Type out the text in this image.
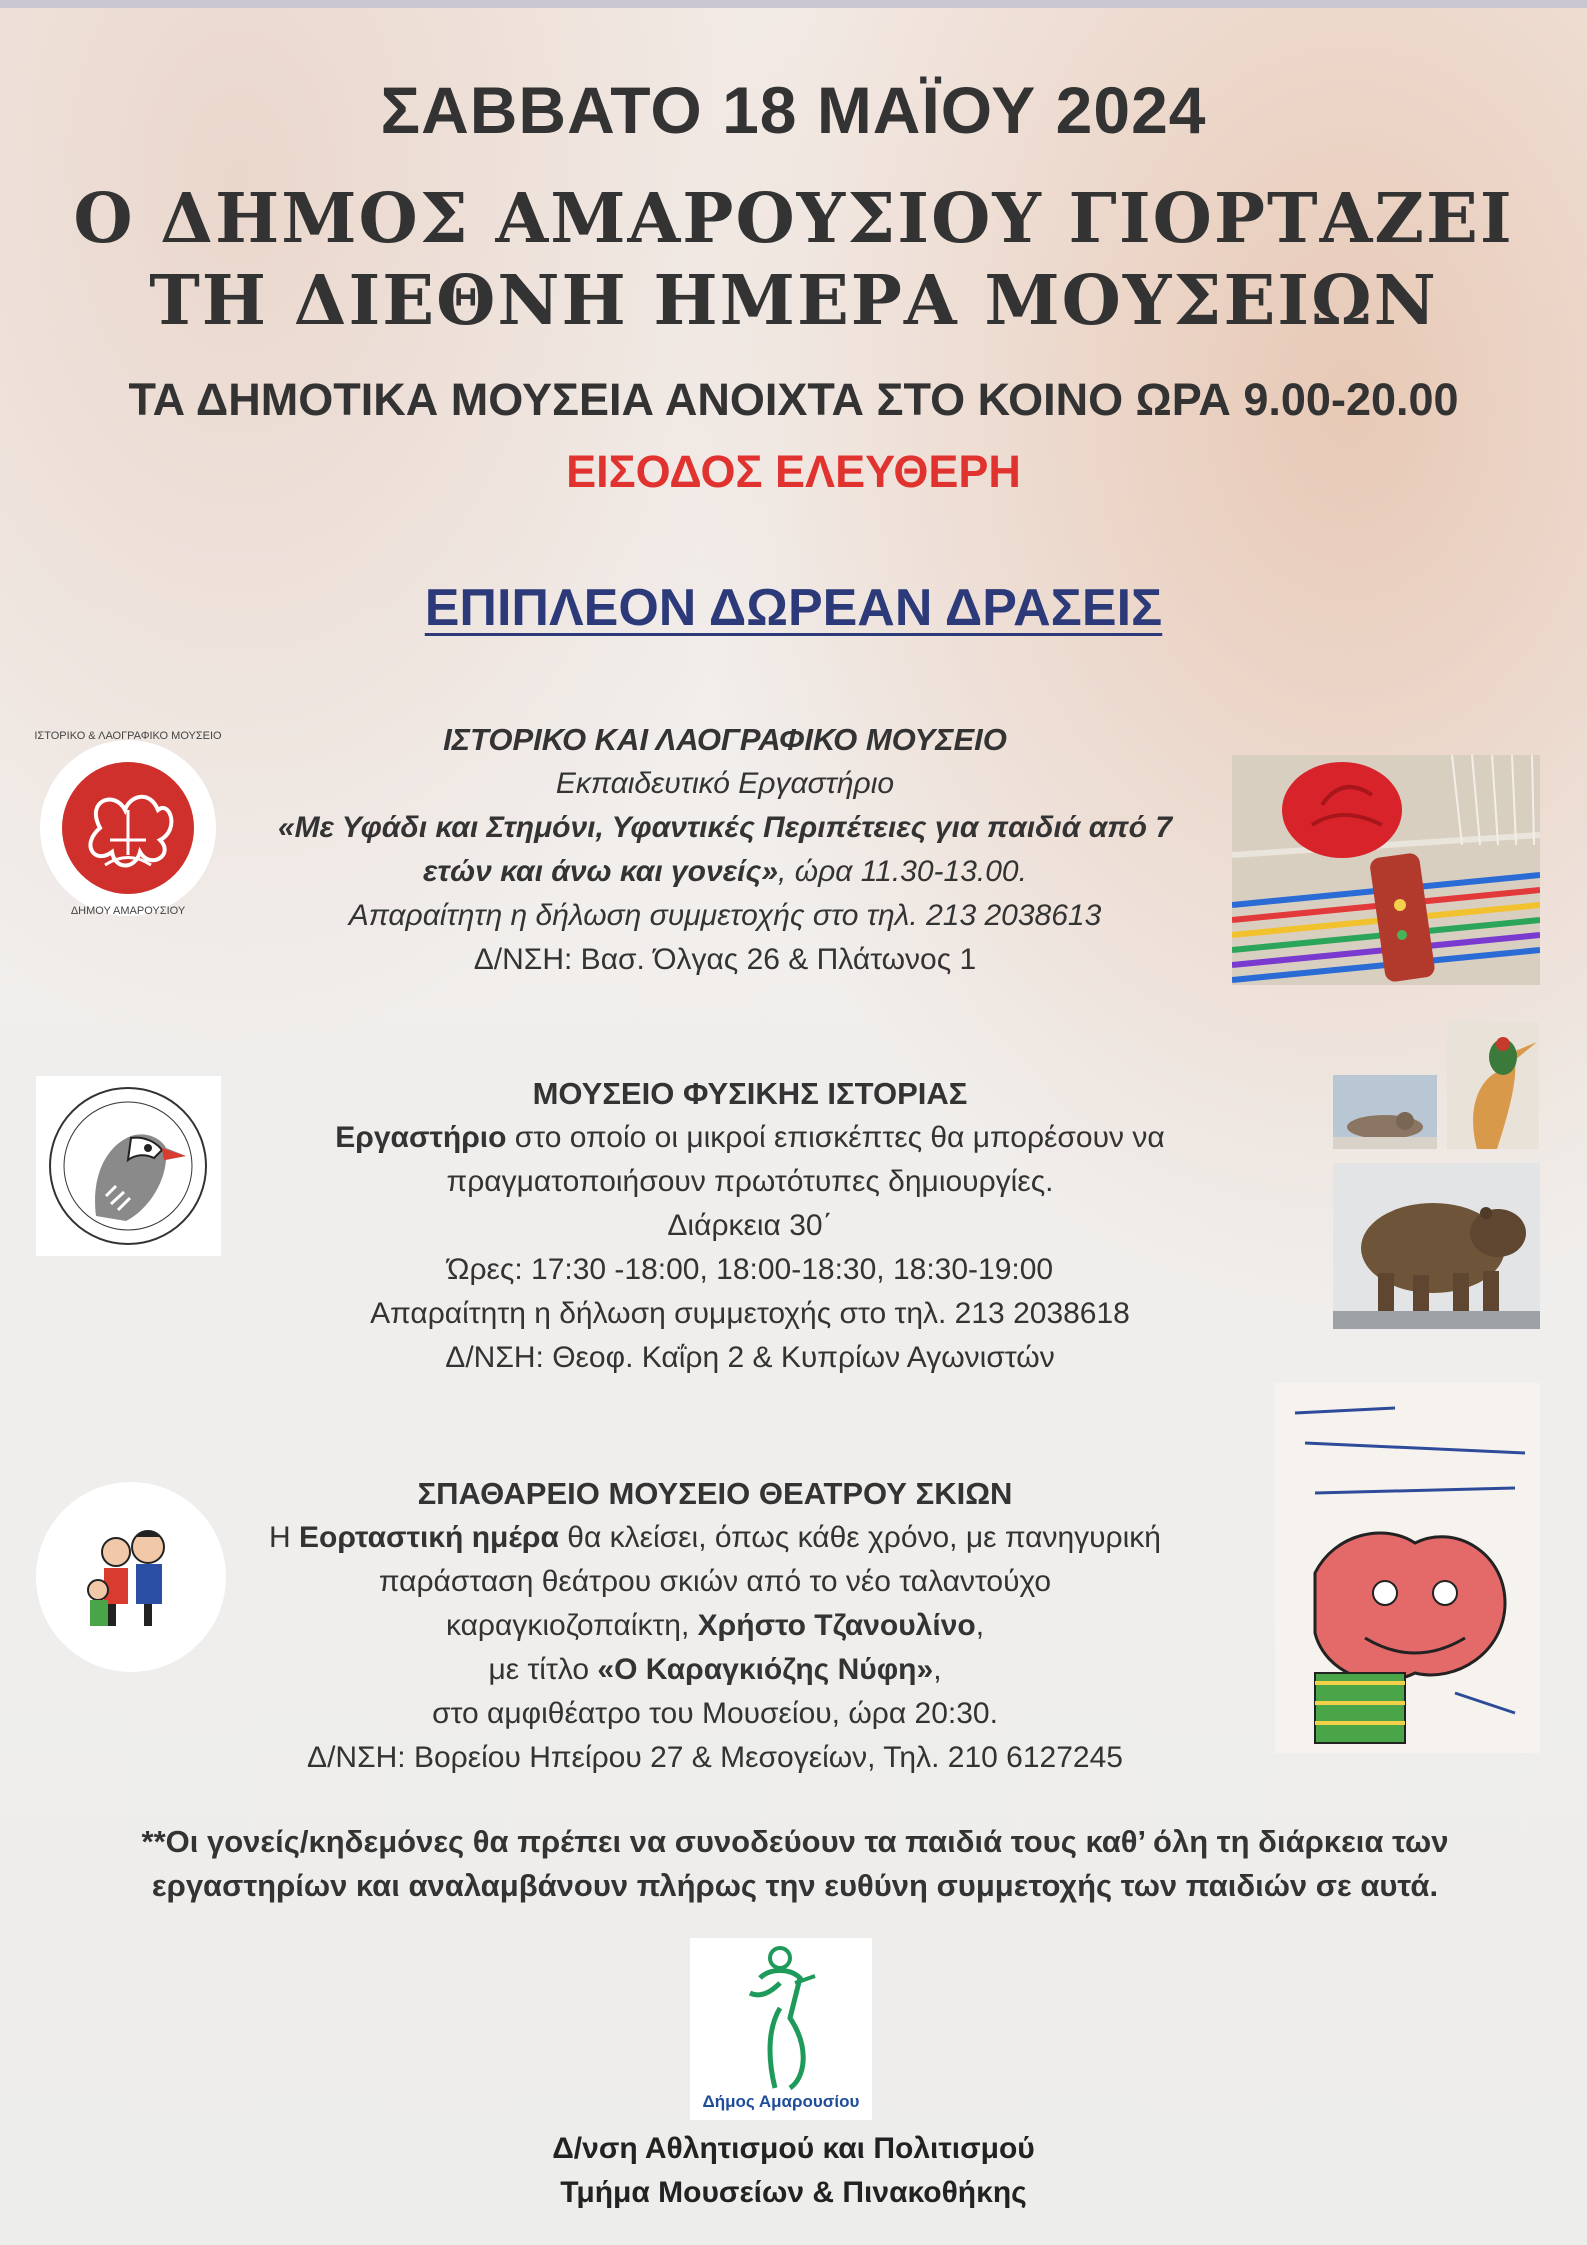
ΣΑΒΒΑΤΟ 18 ΜΑΪΟΥ 2024
Ο ΔΗΜΟΣ ΑΜΑΡΟΥΣΙΟΥ ΓΙΟΡΤΑΖΕΙ
ΤΗ ΔΙΕΘΝΗ ΗΜΕΡΑ ΜΟΥΣΕΙΩΝ
ΤΑ ΔΗΜΟΤΙΚΑ ΜΟΥΣΕΙΑ ΑΝΟΙΧΤΑ ΣΤΟ ΚΟΙΝΟ ΩΡΑ 9.00-20.00
ΕΙΣΟΔΟΣ ΕΛΕΥΘΕΡΗ
ΕΠΙΠΛΕΟΝ ΔΩΡΕΑΝ ΔΡΑΣΕΙΣ
ΙΣΤΟΡΙΚΟ & ΛΑΟΓΡΑΦΙΚΟ ΜΟΥΣΕΙΟ
ΔΗΜΟΥ ΑΜΑΡΟΥΣΙΟΥ
ΙΣΤΟΡΙΚΟ ΚΑΙ ΛΑΟΓΡΑΦΙΚΟ ΜΟΥΣΕΙΟ
Εκπαιδευτικό Εργαστήριο
«Με Υφάδι και Στημόνι, Υφαντικές Περιπέτειες για παιδιά από 7
ετών και άνω και γονείς», ώρα 11.30-13.00.
Απαραίτητη η δήλωση συμμετοχής στο τηλ. 213 2038613
Δ/ΝΣΗ: Βασ. Όλγας 26 & Πλάτωνος 1
ΜΟΥΣΕΙΟ ΦΥΣΙΚΗΣ ΙΣΤΟΡΙΑΣ
Εργαστήριο στο οποίο οι μικροί επισκέπτες θα μπορέσουν να
πραγματοποιήσουν πρωτότυπες δημιουργίες.
Διάρκεια 30΄
Ώρες: 17:30 -18:00, 18:00-18:30, 18:30-19:00
Απαραίτητη η δήλωση συμμετοχής στο τηλ. 213 2038618
Δ/ΝΣΗ: Θεοφ. Καΐρη 2 & Κυπρίων Αγωνιστών
ΣΠΑΘΑΡΕΙΟ ΜΟΥΣΕΙΟ ΘΕΑΤΡΟΥ ΣΚΙΩΝ
Η Εορταστική ημέρα θα κλείσει, όπως κάθε χρόνο, με πανηγυρική
παράσταση θεάτρου σκιών από το νέο ταλαντούχο
καραγκιοζοπαίκτη, Χρήστο Τζανουλίνο,
με τίτλο «Ο Καραγκιόζης Νύφη»,
στο αμφιθέατρο του Μουσείου, ώρα 20:30.
Δ/ΝΣΗ: Βορείου Ηπείρου 27 & Μεσογείων, Τηλ. 210 6127245
**Οι γονείς/κηδεμόνες θα πρέπει να συνοδεύουν τα παιδιά τους καθ’ όλη τη διάρκεια των
εργαστηρίων και αναλαμβάνουν πλήρως την ευθύνη συμμετοχής των παιδιών σε αυτά.
Δήμος Αμαρουσίου
Δ/νση Αθλητισμού και Πολιτισμού
Τμήμα Μουσείων & Πινακοθήκης
